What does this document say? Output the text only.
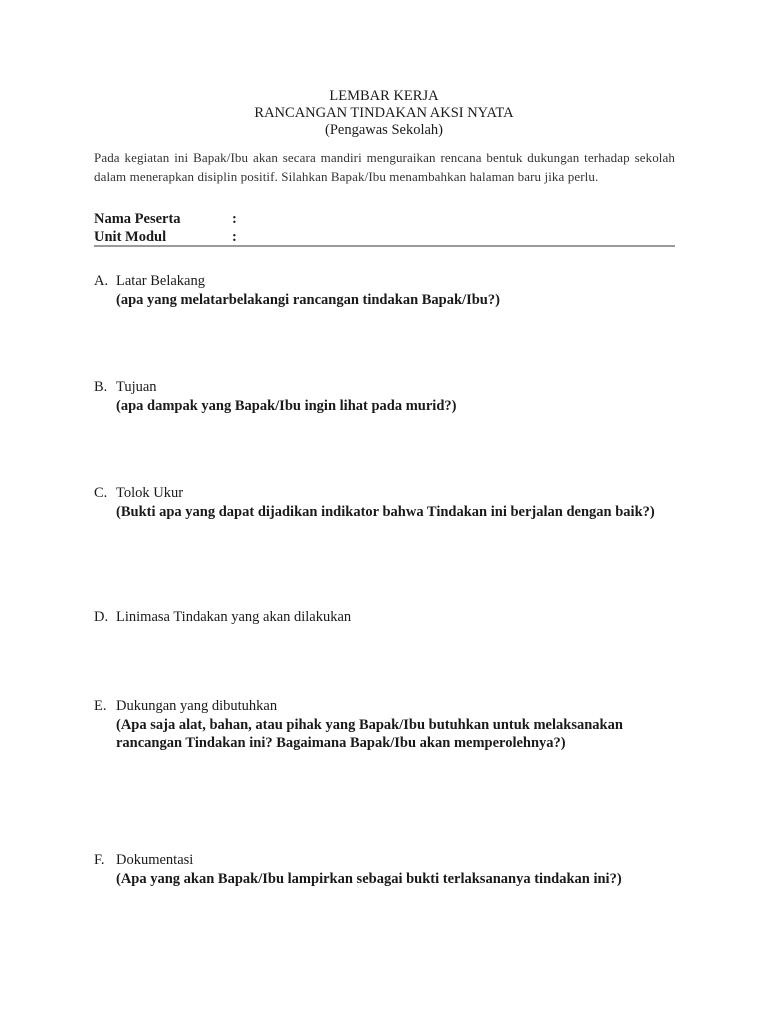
LEMBAR KERJA
RANCANGAN TINDAKAN AKSI NYATA
(Pengawas Sekolah)
Pada kegiatan ini Bapak/Ibu akan secara mandiri menguraikan rencana bentuk dukungan terhadap sekolah dalam menerapkan disiplin positif. Silahkan Bapak/Ibu menambahkan halaman baru jika perlu.
Nama Peserta	:
Unit Modul	:
A. Latar Belakang
(apa yang melatarbelakangi rancangan tindakan Bapak/Ibu?)
B. Tujuan
(apa dampak yang Bapak/Ibu ingin lihat pada murid?)
C. Tolok Ukur
(Bukti apa yang dapat dijadikan indikator bahwa Tindakan ini berjalan dengan baik?)
D. Linimasa Tindakan yang akan dilakukan
E. Dukungan yang dibutuhkan
(Apa saja alat, bahan, atau pihak yang Bapak/Ibu butuhkan untuk melaksanakan rancangan Tindakan ini? Bagaimana Bapak/Ibu akan memperolehnya?)
F. Dokumentasi
(Apa yang akan Bapak/Ibu lampirkan sebagai bukti terlaksananya tindakan ini?)
